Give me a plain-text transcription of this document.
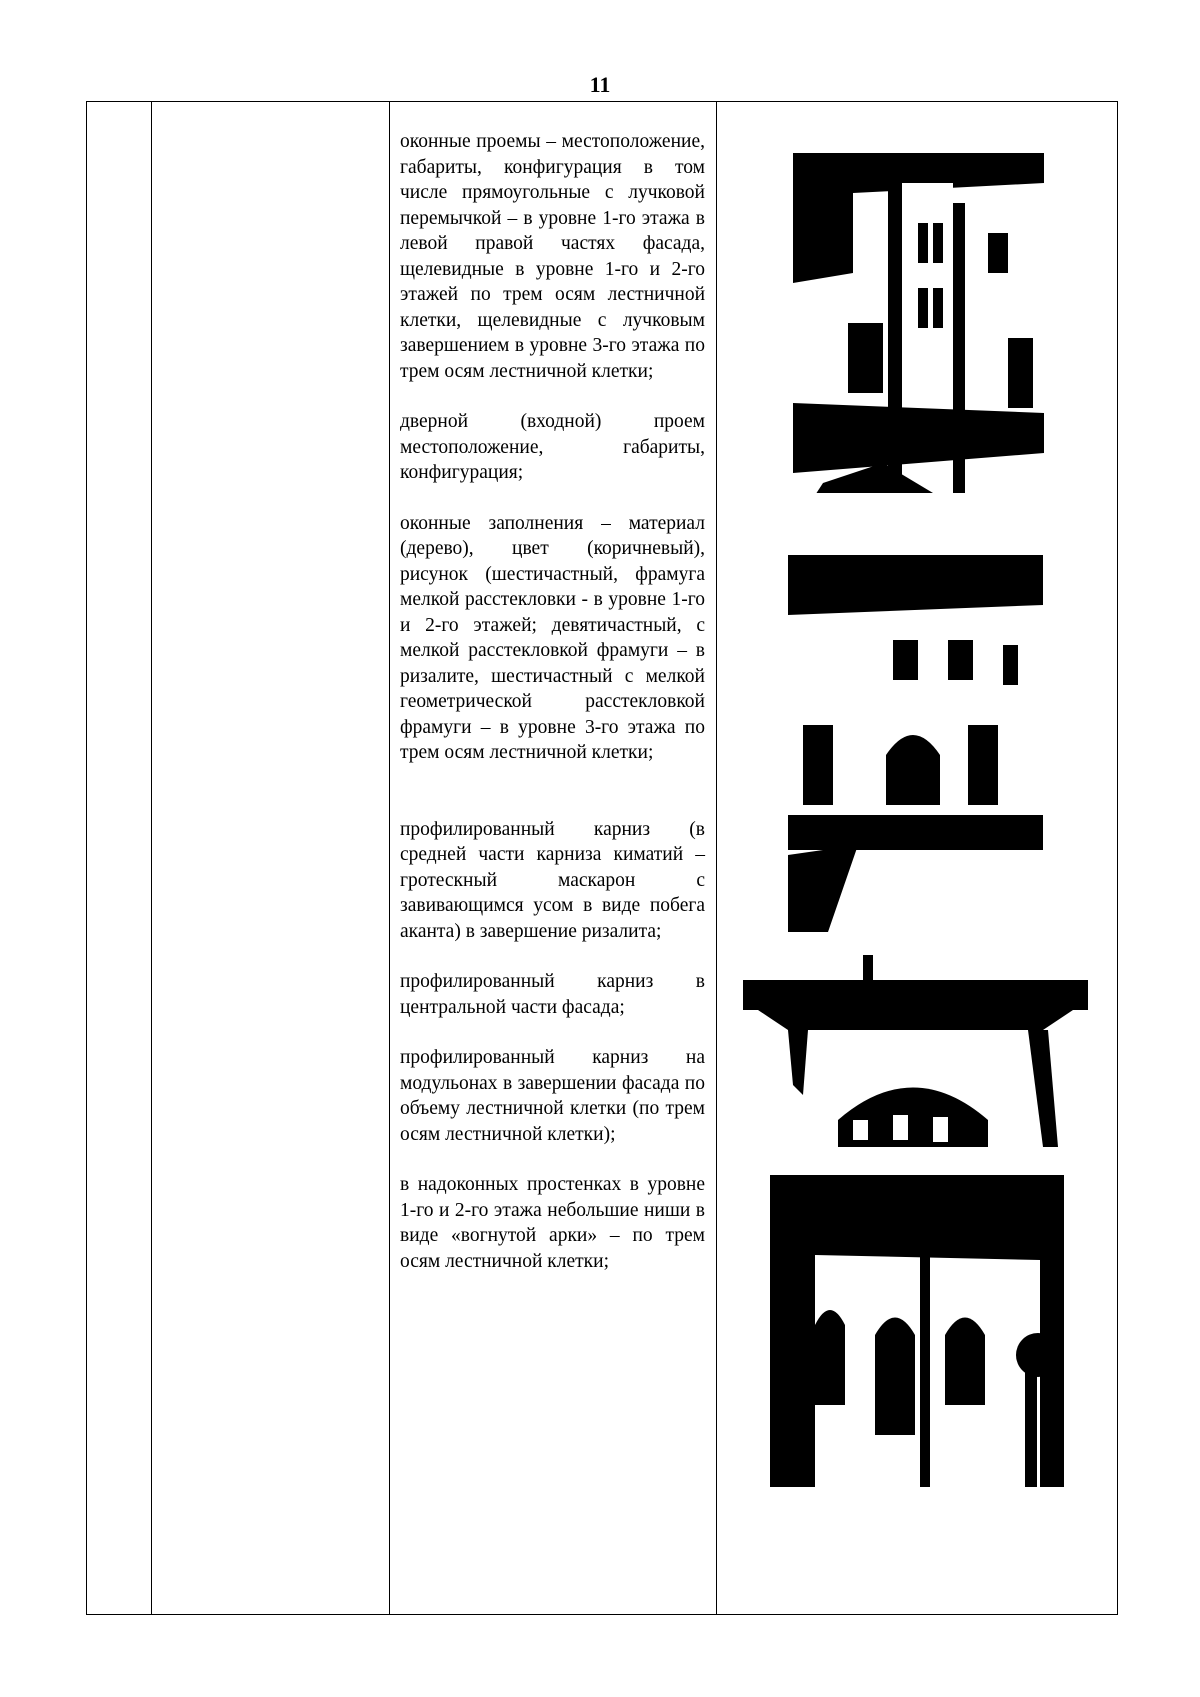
11

оконные проемы – местоположение, габариты, конфигурация в том числе прямоугольные с лучковой перемычкой – в уровне 1-го этажа в левой правой частях фасада, щелевидные в уровне 1-го и 2-го этажей по трем осям лестничной клетки, щелевидные с лучковым завершением в уровне 3-го этажа по трем осям лестничной клетки;

дверной (входной) проем местоположение, габариты, конфигурация;

оконные заполнения – материал (дерево), цвет (коричневый), рисунок (шестичастный, фрамуга мелкой расстекловки - в уровне 1-го и 2-го этажей; девятичастный, с мелкой расстекловкой фрамуги – в ризалите, шестичастный с мелкой геометрической расстекловкой фрамуги – в уровне 3-го этажа по трем осям лестничной клетки;

профилированный карниз (в средней части карниза киматий – гротескный маскарон с завивающимся усом в виде побега аканта) в завершение ризалита;

профилированный карниз в центральной части фасада;

профилированный карниз на модульонах в завершении фасада по объему лестничной клетки (по трем осям лестничной клетки);

в надоконных простенках в уровне 1-го и 2-го этажа небольшие ниши в виде «вогнутой арки» – по трем осям лестничной клетки;
